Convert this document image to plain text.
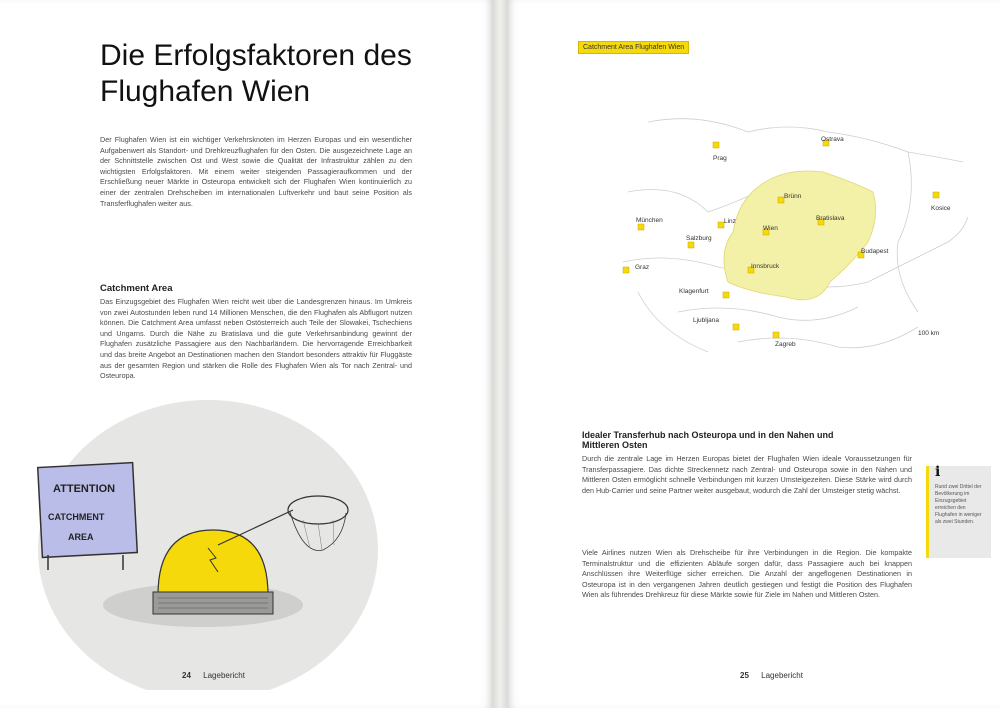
Die Erfolgsfaktoren des Flughafen Wien

Der Flughafen Wien ist ein wichtiger Verkehrsknoten im Herzen Europas und ein wesentlicher Aufgabenwert als Standort- und Drehkreuzflughafen für den Osten. Die ausgezeichnete Lage an der Schnittstelle zwischen Ost und West sowie die Qualität der Infrastruktur zählen zu den wichtigsten Erfolgsfaktoren. Mit einem weiter steigenden Passagieraufkommen und der Erschließung neuer Märkte in Osteuropa entwickelt sich der Flughafen Wien kontinuierlich zu einer der zentralen Drehscheiben im internationalen Luftverkehr und baut seine Position als Transferflughafen weiter aus.

Catchment Area

Das Einzugsgebiet des Flughafen Wien reicht weit über die Landesgrenzen hinaus. Im Umkreis von zwei Autostunden leben rund 14 Millionen Menschen, die den Flughafen als Abflugort nutzen können. Die Catchment Area umfasst neben Ostösterreich auch Teile der Slowakei, Tschechiens und Ungarns. Durch die Nähe zu Bratislava und die gute Verkehrsanbindung gewinnt der Flughafen zusätzliche Passagiere aus den Nachbarländern. Die hervorragende Erreichbarkeit und das breite Angebot an Destinationen machen den Standort besonders attraktiv für Fluggäste aus der gesamten Region und stärken die Rolle des Flughafen Wien als Tor nach Zentral- und Osteuropa.

ATTENTION
CATCHMENT
AREA
24 Lagebericht
Catchment Area Flughafen Wien
Prag
Ostrava
Brünn
Kosice
München	Linz
Wien
Bratislava
Salzburg
Budapest
Innsbruck
Graz
Klagenfurt
Ljubljana
Zagreb
100 km
Idealer Transferhub nach Osteuropa und in den Nahen und Mittleren Osten

Durch die zentrale Lage im Herzen Europas bietet der Flughafen Wien ideale Voraussetzungen für Transferpassagiere. Das dichte Streckennetz nach Zentral- und Osteuropa sowie in den Nahen und Mittleren Osten ermöglicht schnelle Verbindungen mit kurzen Umsteigezeiten. Diese Stärke wird durch den Hub-Carrier und seine Partner weiter ausgebaut, wodurch die Zahl der Umsteiger stetig wächst.

Viele Airlines nutzen Wien als Drehscheibe für ihre Verbindungen in die Region. Die kompakte Terminalstruktur und die effizienten Abläufe sorgen dafür, dass Passagiere auch bei knappen Anschlüssen ihre Weiterflüge sicher erreichen. Die Anzahl der angeflogenen Destinationen in Osteuropa ist in den vergangenen Jahren deutlich gestiegen und festigt die Position des Flughafen Wien als führendes Drehkreuz für diese Märkte sowie für Ziele im Nahen und Mittleren Osten.

i
Rund zwei Drittel der Bevölkerung im Einzugsgebiet erreichen den Flughafen in weniger als zwei Stunden.
25 Lagebericht
